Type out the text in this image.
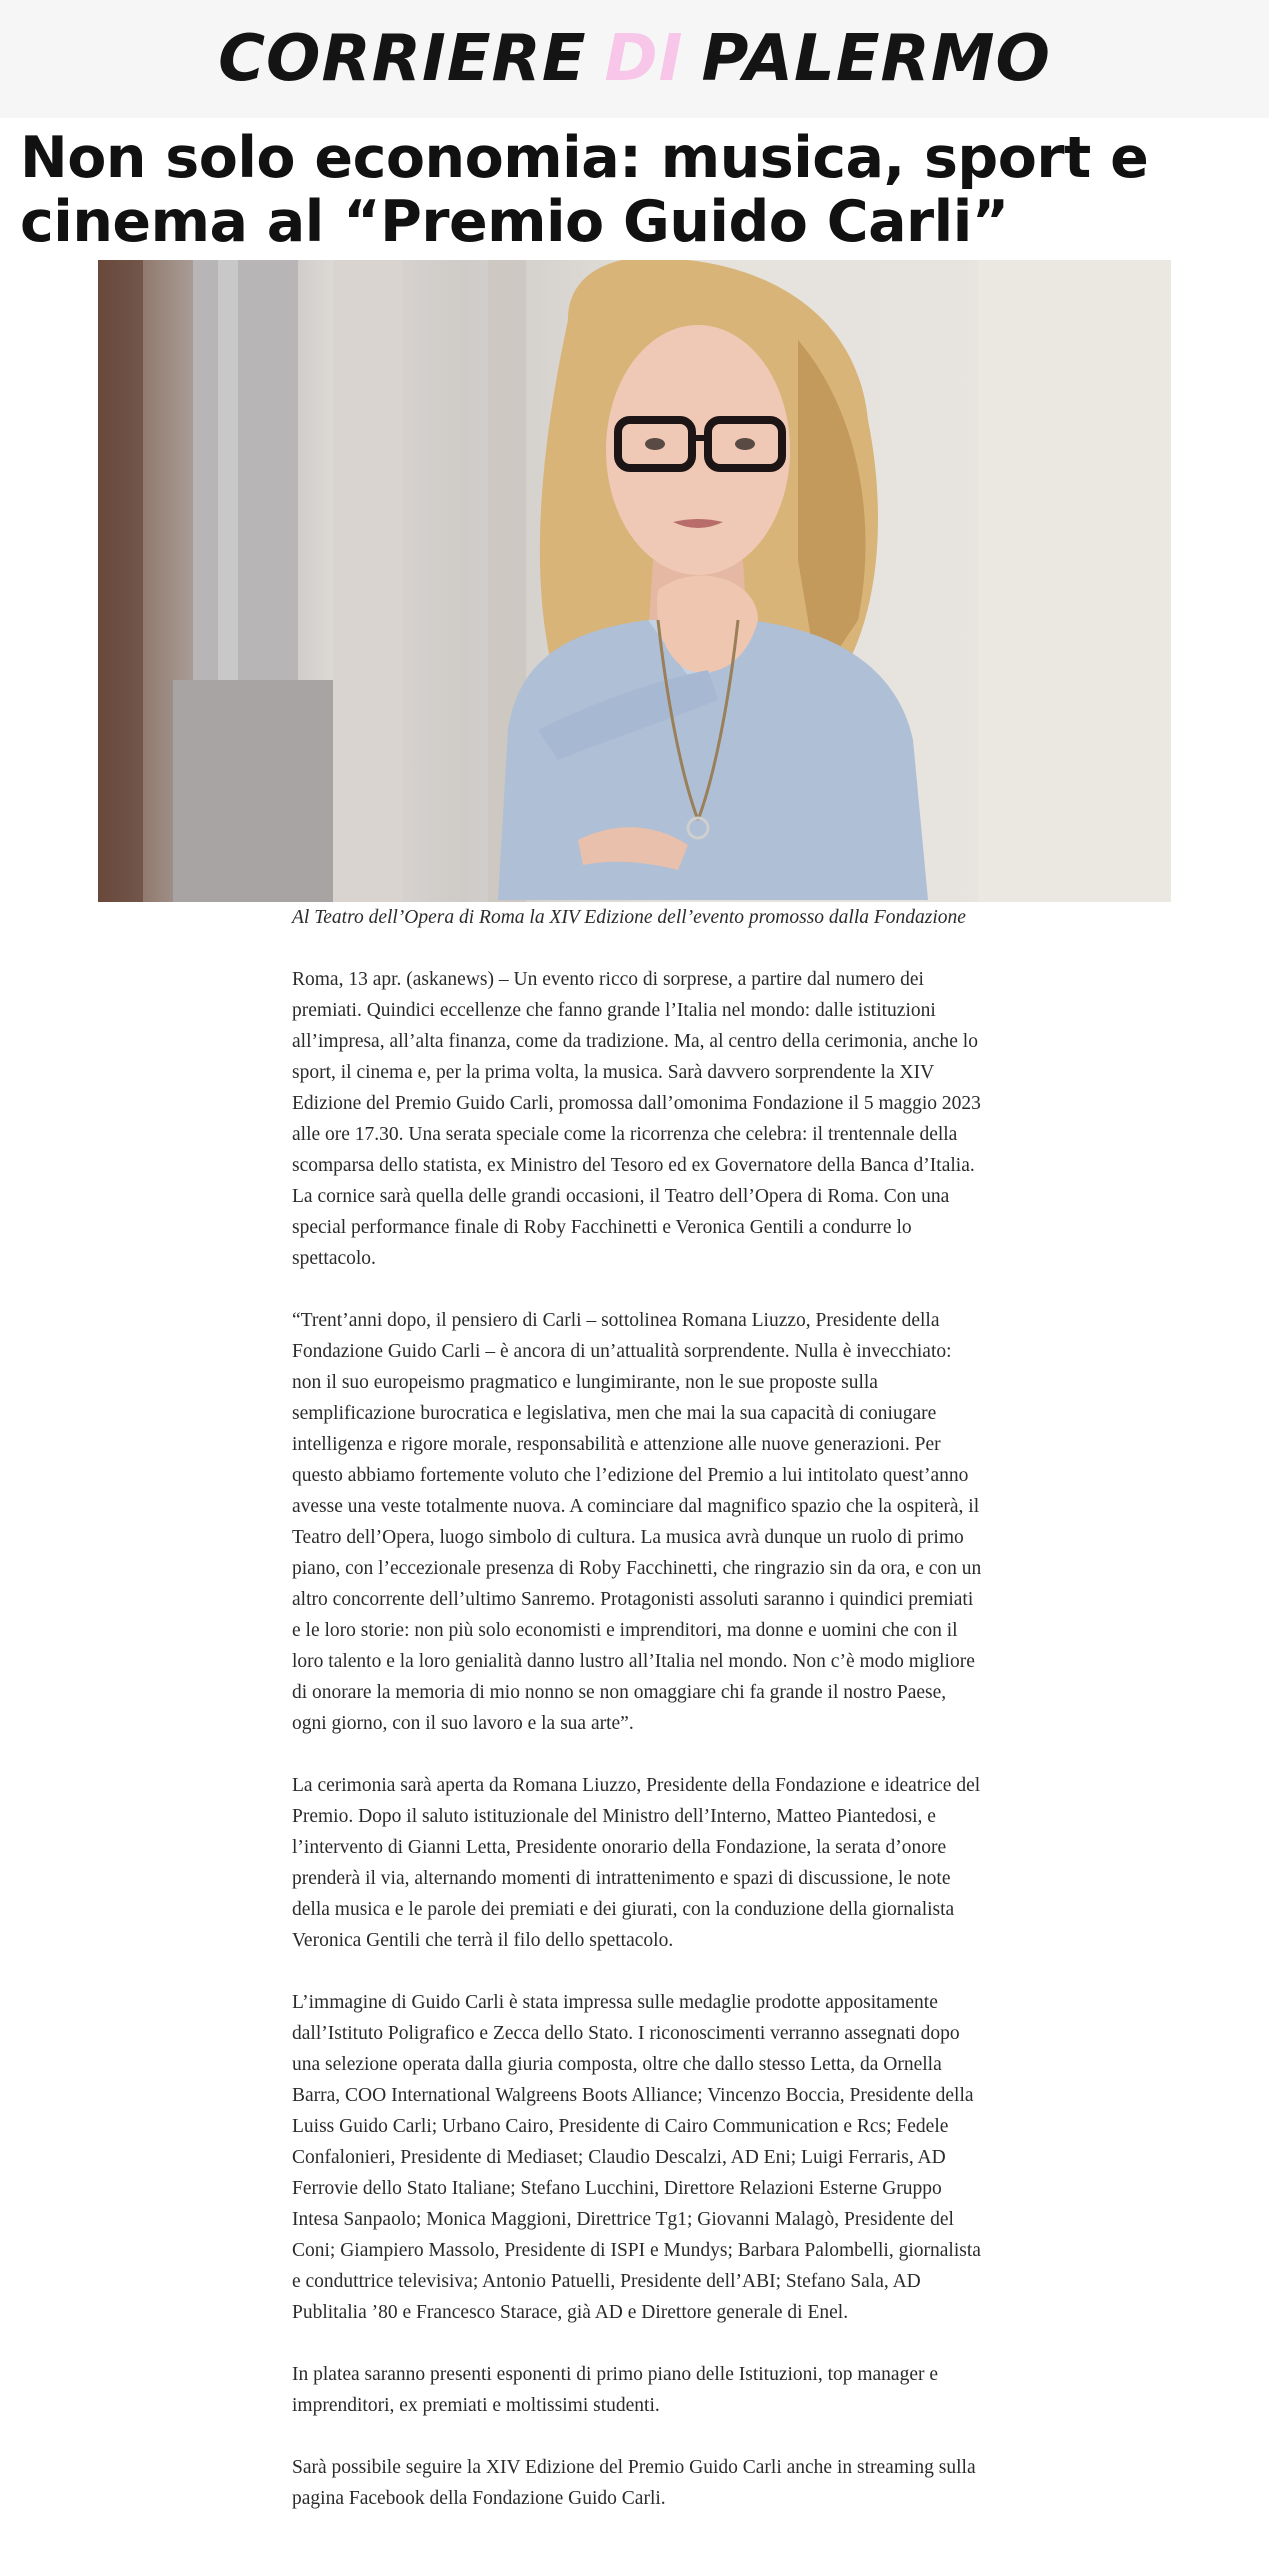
CORRIERE DI PALERMO
Non solo economia: musica, sport e cinema al “Premio Guido Carli”

Al Teatro dell’Opera di Roma la XIV Edizione dell’evento promosso dalla Fondazione

Roma, 13 apr. (askanews) – Un evento ricco di sorprese, a partire dal numero dei premiati. Quindici eccellenze che fanno grande l’Italia nel mondo: dalle istituzioni all’impresa, all’alta finanza, come da tradizione. Ma, al centro della cerimonia, anche lo sport, il cinema e, per la prima volta, la musica. Sarà davvero sorprendente la XIV Edizione del Premio Guido Carli, promossa dall’omonima Fondazione il 5 maggio 2023 alle ore 17.30. Una serata speciale come la ricorrenza che celebra: il trentennale della scomparsa dello statista, ex Ministro del Tesoro ed ex Governatore della Banca d’Italia. La cornice sarà quella delle grandi occasioni, il Teatro dell’Opera di Roma. Con una special performance finale di Roby Facchinetti e Veronica Gentili a condurre lo spettacolo.

“Trent’anni dopo, il pensiero di Carli – sottolinea Romana Liuzzo, Presidente della Fondazione Guido Carli – è ancora di un’attualità sorprendente. Nulla è invecchiato: non il suo europeismo pragmatico e lungimirante, non le sue proposte sulla semplificazione burocratica e legislativa, men che mai la sua capacità di coniugare intelligenza e rigore morale, responsabilità e attenzione alle nuove generazioni. Per questo abbiamo fortemente voluto che l’edizione del Premio a lui intitolato quest’anno avesse una veste totalmente nuova. A cominciare dal magnifico spazio che la ospiterà, il Teatro dell’Opera, luogo simbolo di cultura. La musica avrà dunque un ruolo di primo piano, con l’eccezionale presenza di Roby Facchinetti, che ringrazio sin da ora, e con un altro concorrente dell’ultimo Sanremo. Protagonisti assoluti saranno i quindici premiati e le loro storie: non più solo economisti e imprenditori, ma donne e uomini che con il loro talento e la loro genialità danno lustro all’Italia nel mondo. Non c’è modo migliore di onorare la memoria di mio nonno se non omaggiare chi fa grande il nostro Paese, ogni giorno, con il suo lavoro e la sua arte”.

La cerimonia sarà aperta da Romana Liuzzo, Presidente della Fondazione e ideatrice del Premio. Dopo il saluto istituzionale del Ministro dell’Interno, Matteo Piantedosi, e l’intervento di Gianni Letta, Presidente onorario della Fondazione, la serata d’onore prenderà il via, alternando momenti di intrattenimento e spazi di discussione, le note della musica e le parole dei premiati e dei giurati, con la conduzione della giornalista Veronica Gentili che terrà il filo dello spettacolo.

L’immagine di Guido Carli è stata impressa sulle medaglie prodotte appositamente dall’Istituto Poligrafico e Zecca dello Stato. I riconoscimenti verranno assegnati dopo una selezione operata dalla giuria composta, oltre che dallo stesso Letta, da Ornella Barra, COO International Walgreens Boots Alliance; Vincenzo Boccia, Presidente della Luiss Guido Carli; Urbano Cairo, Presidente di Cairo Communication e Rcs; Fedele Confalonieri, Presidente di Mediaset; Claudio Descalzi, AD Eni; Luigi Ferraris, AD Ferrovie dello Stato Italiane; Stefano Lucchini, Direttore Relazioni Esterne Gruppo Intesa Sanpaolo; Monica Maggioni, Direttrice Tg1; Giovanni Malagò, Presidente del Coni; Giampiero Massolo, Presidente di ISPI e Mundys; Barbara Palombelli, giornalista e conduttrice televisiva; Antonio Patuelli, Presidente dell’ABI; Stefano Sala, AD Publitalia ’80 e Francesco Starace, già AD e Direttore generale di Enel.

In platea saranno presenti esponenti di primo piano delle Istituzioni, top manager e imprenditori, ex premiati e moltissimi studenti.

Sarà possibile seguire la XIV Edizione del Premio Guido Carli anche in streaming sulla pagina Facebook della Fondazione Guido Carli.
